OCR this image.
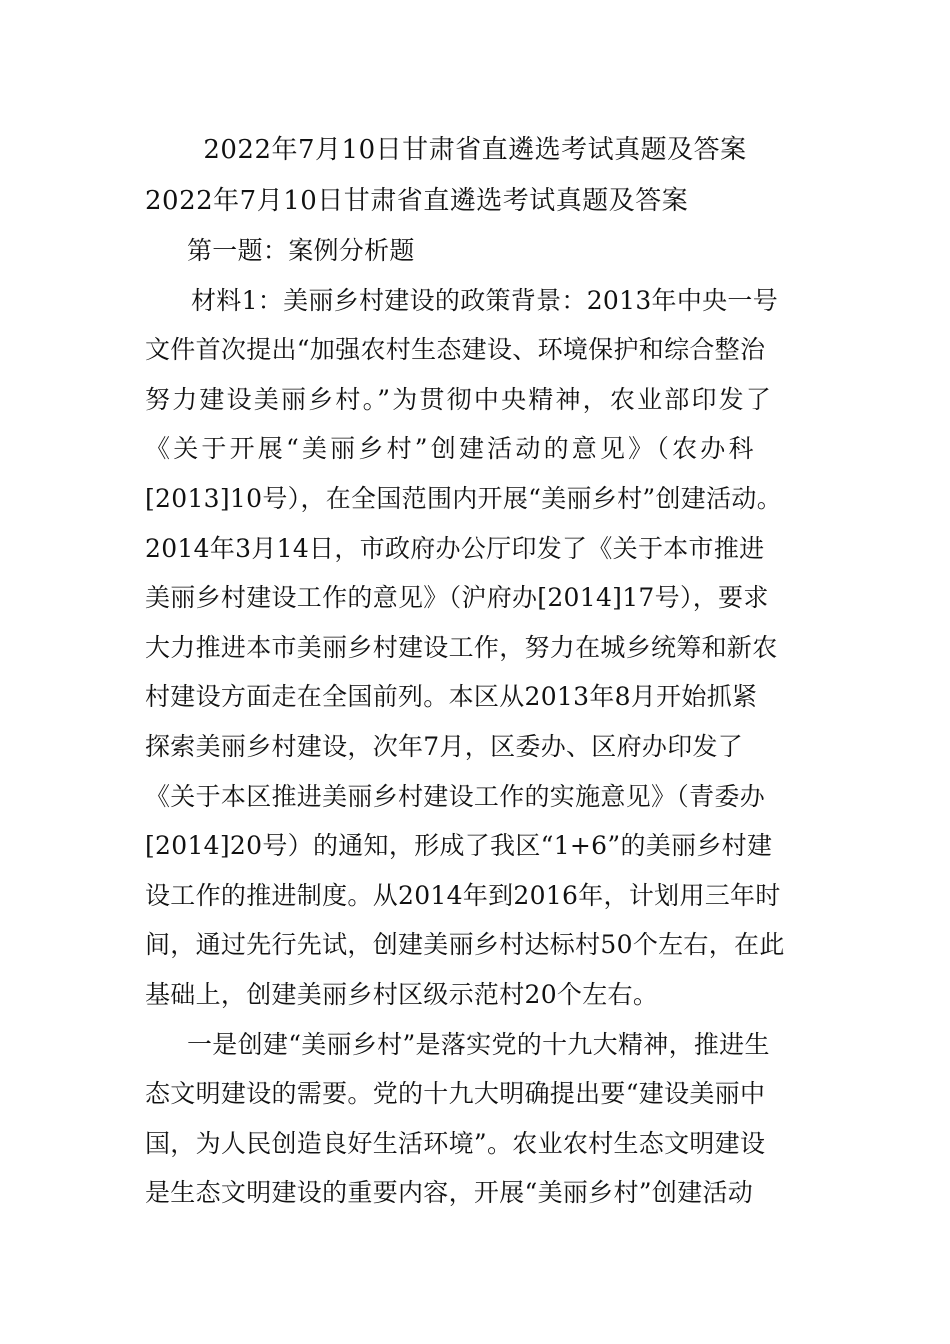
2022年7月10日甘肃省直遴选考试真题及答案
2022年7月10日甘肃省直遴选考试真题及答案
第一题：案例分析题
材料1：美丽乡村建设的政策背景：2013年中央一号
文件首次提出“加强农村生态建设、环境保护和综合整治
努力建设美丽乡村。”为贯彻中央精神，农业部印发了
《关于开展“美丽乡村”创建活动的意见》（农办科
[2013]10号），在全国范围内开展“美丽乡村”创建活动。
2014年3月14日，市政府办公厅印发了《关于本市推进
美丽乡村建设工作的意见》（沪府办[2014]17号），要求
大力推进本市美丽乡村建设工作，努力在城乡统筹和新农
村建设方面走在全国前列。本区从2013年8月开始抓紧
探索美丽乡村建设，次年7月，区委办、区府办印发了
《关于本区推进美丽乡村建设工作的实施意见》（青委办
[2014]20号）的通知，形成了我区“1+6”的美丽乡村建
设工作的推进制度。从2014年到2016年，计划用三年时
间，通过先行先试，创建美丽乡村达标村50个左右，在此
基础上，创建美丽乡村区级示范村20个左右。
一是创建“美丽乡村”是落实党的十九大精神，推进生
态文明建设的需要。党的十九大明确提出要“建设美丽中
国，为人民创造良好生活环境”。农业农村生态文明建设
是生态文明建设的重要内容，开展“美丽乡村”创建活动
